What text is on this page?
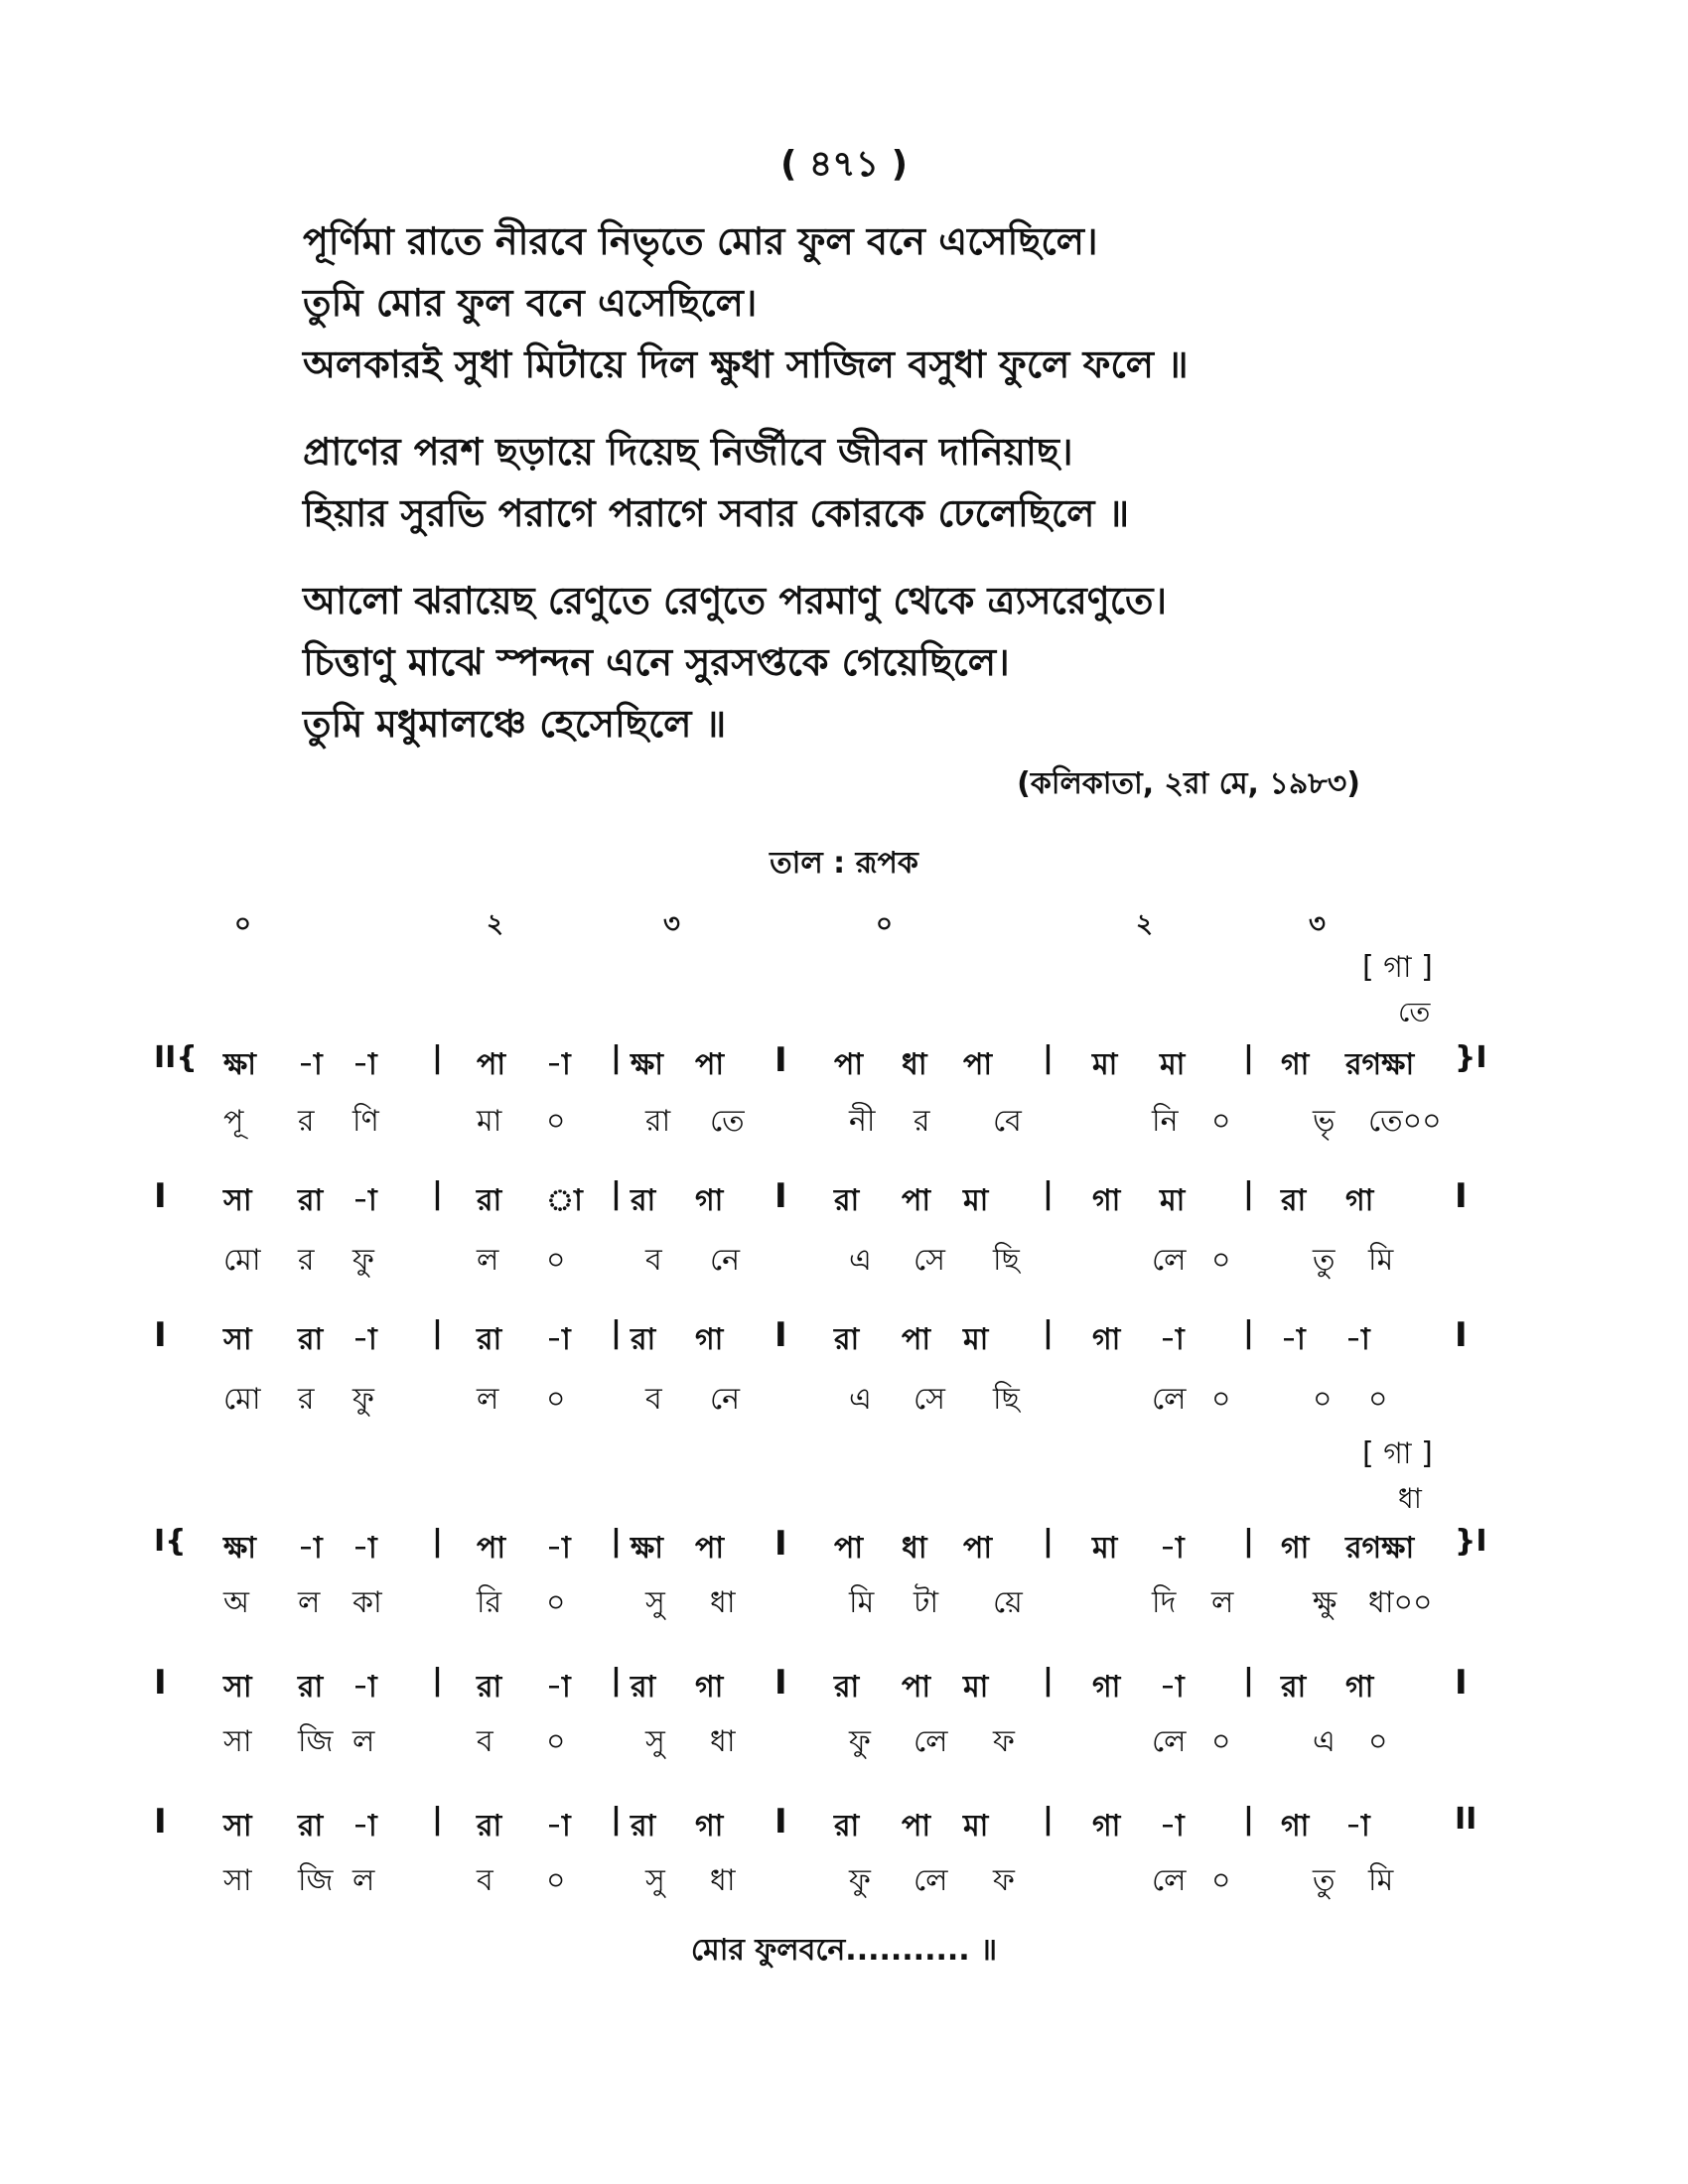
( ৪৭১ )
পূর্ণিমা রাতে নীরবে নিভৃতে মোর ফুল বনে এসেছিলে।
তুমি মোর ফুল বনে এসেছিলে।
অলকারই সুধা মিটায়ে দিল ক্ষুধা সাজিল বসুধা ফুলে ফলে ॥
প্রাণের পরশ ছড়ায়ে দিয়েছ নির্জীবে জীবন দানিয়াছ।
হিয়ার সুরভি পরাগে পরাগে সবার কোরকে ঢেলেছিলে ॥
আলো ঝরায়েছ রেণুতে রেণুতে পরমাণু থেকে ত্র্যসরেণুতে।
চিত্তাণু মাঝে স্পন্দন এনে সুরসপ্তকে গেয়েছিলে।
তুমি মধুমালঞ্চে হেসেছিলে ॥
(কলিকাতা, ২রা মে, ১৯৮৩)
তাল : রূপক
০	২	৩	০	২	৩
[ গা ]
তে
[ গা ]
ধা
II{ ক্ষা -া -া | পা -া | ক্ষা পা I পা ধা পা | মা মা | গা রগক্ষা }I
পূ র ণি	মা ০	রা তে	নী র বে	নি ০	ভৃ তে০০
I সা রা -া | রা া | রা গা I রা পা মা | গা মা | রা গা I
মো র ফু	ল ০	ব নে	এ সে ছি	লে ০	তু মি
I সা রা -া | রা -া | রা গা I রা পা মা | গা -া | -া -া	I
মো র ফু	ল ০	ব নে	এ সে ছি	লে ০	০ ০
I{ ক্ষা -া -া | পা -া | ক্ষা পা I পা ধা পা | মা -া | গা রগক্ষা }I
অ ল কা	রি ০	সু ধা	মি টা য়ে	দি ল	ক্ষু ধা০০
I সা রা -া | রা -া | রা গা I রা পা মা | গা -া | রা গা I
সা জি ল	ব ০	সু ধা	ফু লে ফ	লে ০	এ ০
I সা রা -া | রা -া | রা গা I রা পা মা | গা -া | গা -া	II
সা জি ল	ব ০	সু ধা	ফু লে ফ	লে ০	তু মি
মোর ফুলবনে........... ॥
